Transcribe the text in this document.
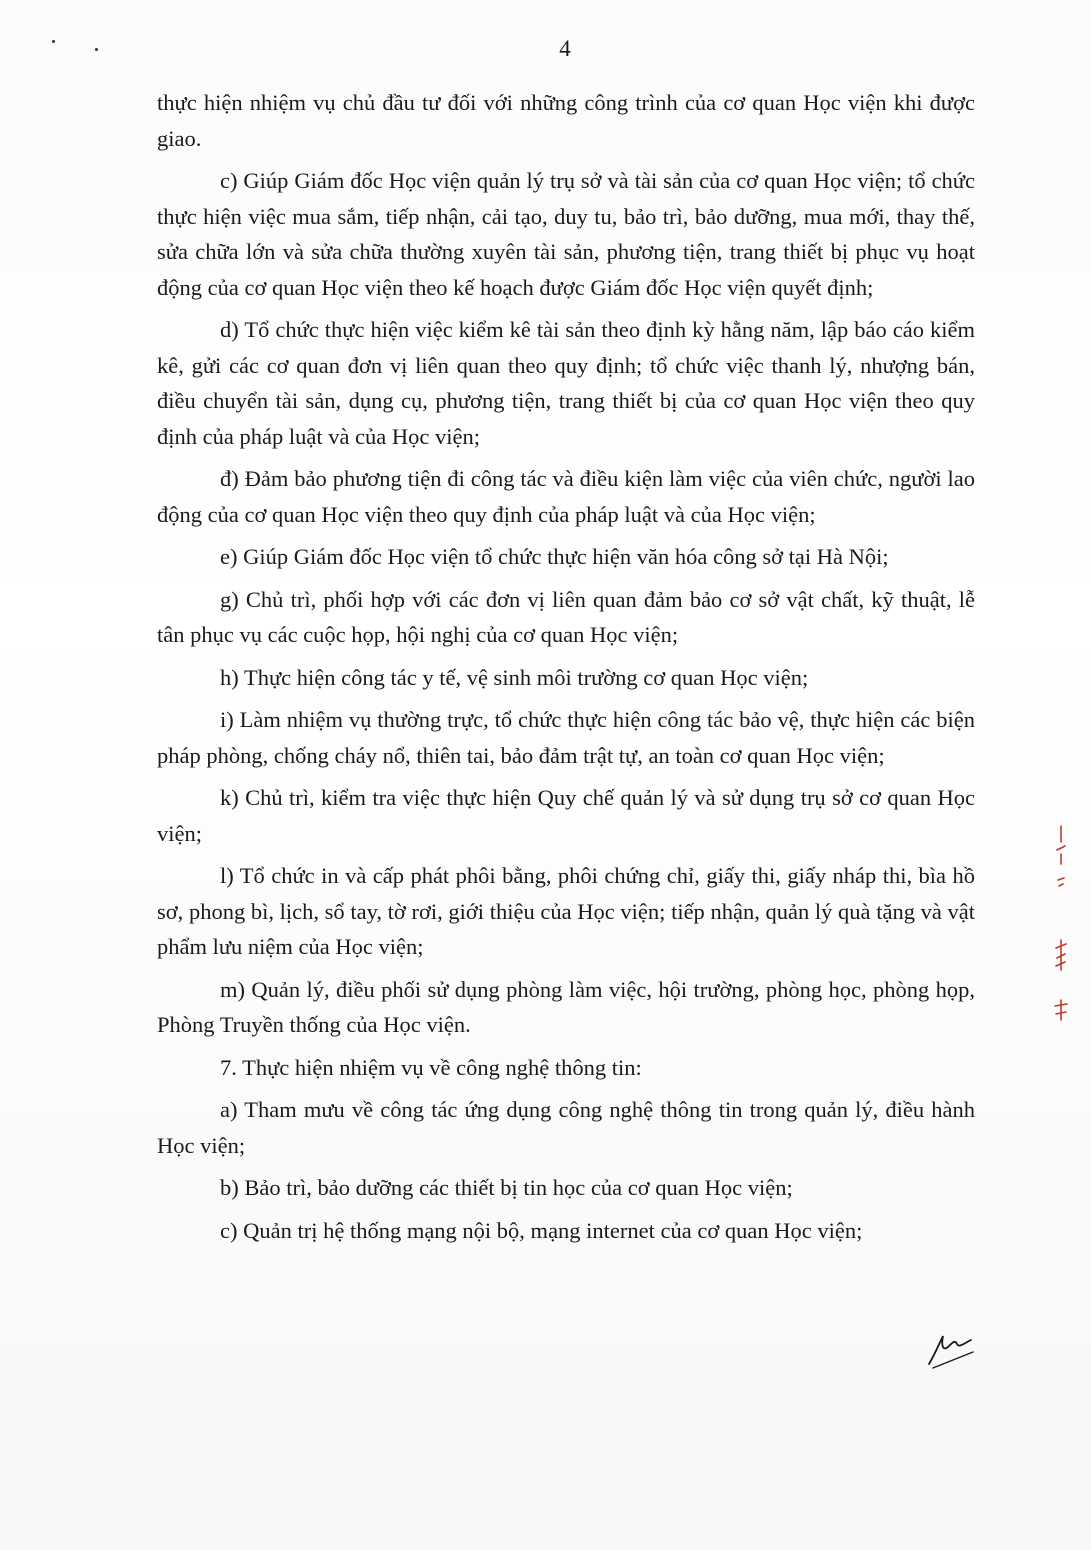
4

thực hiện nhiệm vụ chủ đầu tư đối với những công trình của cơ quan Học viện khi được giao.

c) Giúp Giám đốc Học viện quản lý trụ sở và tài sản của cơ quan Học viện; tổ chức thực hiện việc mua sắm, tiếp nhận, cải tạo, duy tu, bảo trì, bảo dưỡng, mua mới, thay thế, sửa chữa lớn và sửa chữa thường xuyên tài sản, phương tiện, trang thiết bị phục vụ hoạt động của cơ quan Học viện theo kế hoạch được Giám đốc Học viện quyết định;

d) Tổ chức thực hiện việc kiểm kê tài sản theo định kỳ hằng năm, lập báo cáo kiểm kê, gửi các cơ quan đơn vị liên quan theo quy định; tổ chức việc thanh lý, nhượng bán, điều chuyển tài sản, dụng cụ, phương tiện, trang thiết bị của cơ quan Học viện theo quy định của pháp luật và của Học viện;

đ) Đảm bảo phương tiện đi công tác và điều kiện làm việc của viên chức, người lao động của cơ quan Học viện theo quy định của pháp luật và của Học viện;

e) Giúp Giám đốc Học viện tổ chức thực hiện văn hóa công sở tại Hà Nội;

g) Chủ trì, phối hợp với các đơn vị liên quan đảm bảo cơ sở vật chất, kỹ thuật, lễ tân phục vụ các cuộc họp, hội nghị của cơ quan Học viện;

h) Thực hiện công tác y tế, vệ sinh môi trường cơ quan Học viện;

i) Làm nhiệm vụ thường trực, tổ chức thực hiện công tác bảo vệ, thực hiện các biện pháp phòng, chống cháy nổ, thiên tai, bảo đảm trật tự, an toàn cơ quan Học viện;

k) Chủ trì, kiểm tra việc thực hiện Quy chế quản lý và sử dụng trụ sở cơ quan Học viện;

l) Tổ chức in và cấp phát phôi bằng, phôi chứng chỉ, giấy thi, giấy nháp thi, bìa hồ sơ, phong bì, lịch, sổ tay, tờ rơi, giới thiệu của Học viện; tiếp nhận, quản lý quà tặng và vật phẩm lưu niệm của Học viện;

m) Quản lý, điều phối sử dụng phòng làm việc, hội trường, phòng học, phòng họp, Phòng Truyền thống của Học viện.

7. Thực hiện nhiệm vụ về công nghệ thông tin:

a) Tham mưu về công tác ứng dụng công nghệ thông tin trong quản lý, điều hành Học viện;

b) Bảo trì, bảo dưỡng các thiết bị tin học của cơ quan Học viện;

c) Quản trị hệ thống mạng nội bộ, mạng internet của cơ quan Học viện;
